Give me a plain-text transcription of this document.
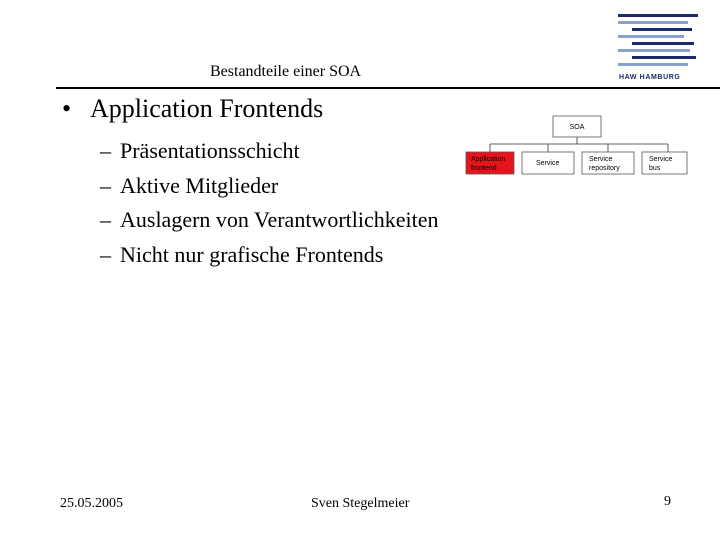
HAW HAMBURG
Bestandteile einer SOA
• Application Frontends
– Präsentationsschicht
– Aktive Mitglieder
– Auslagern von Verantwortlichkeiten
– Nicht nur grafische Frontends
SOA
Application
frontend
Service
Service
repository
Service
bus
25.05.2005	Sven Stegelmeier	9
